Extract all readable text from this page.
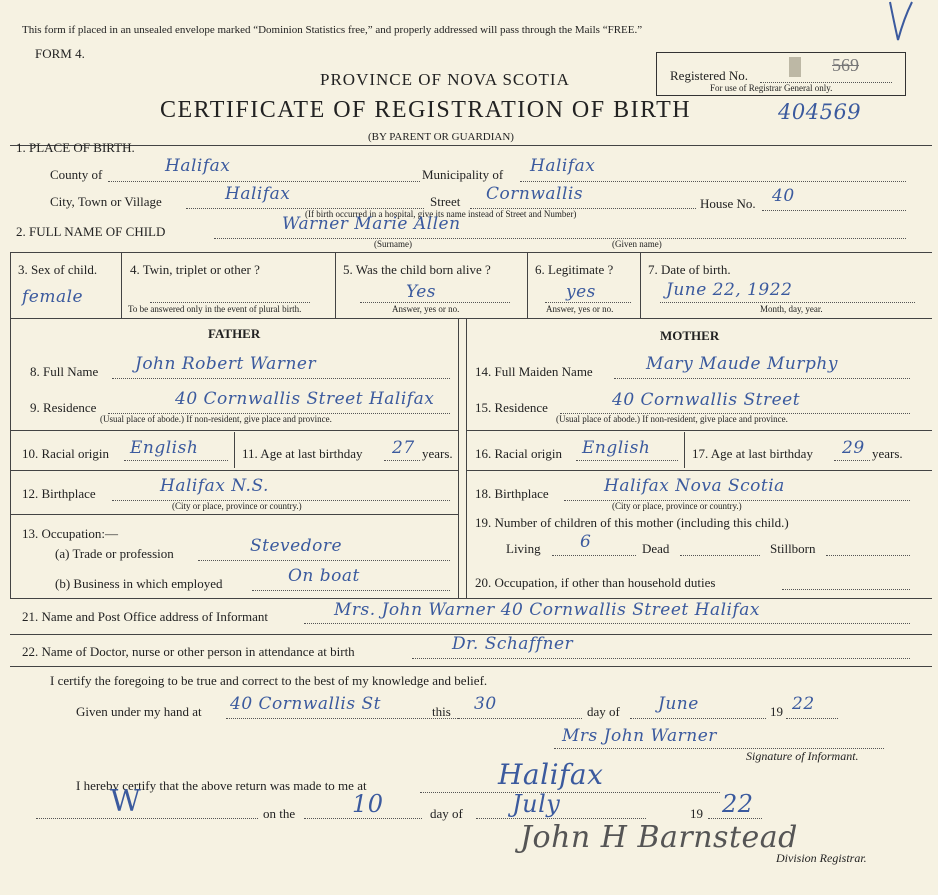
This form if placed in an unsealed envelope marked “Dominion Statistics free,” and properly addressed will pass through the Mails “FREE.”
FORM 4.
PROVINCE OF NOVA SCOTIA
CERTIFICATE OF REGISTRATION OF BIRTH	404569
(BY PARENT OR GUARDIAN)
Registered No.
569
For use of Registrar General only.
1. PLACE OF BIRTH.
County of	Halifax	Municipality of Halifax
City, Town or Village	Halifax	Street Cornwallis	House No. 40
(If birth occurred in a hospital, give its name instead of Street and Number)
2. FULL NAME OF CHILD	Warner Marie Allen
(Surname)	(Given name)
3. Sex of child.
female
4. Twin, triplet or other ?
To be answered only in the event of plural birth.
5. Was the child born alive ?
Yes
Answer, yes or no.
6. Legitimate ?
yes
Answer, yes or no.
7. Date of birth.
June 22, 1922
Month, day, year.
FATHER	MOTHER
8. Full Name John Robert Warner
9. Residence	40 Cornwallis Street Halifax
(Usual place of abode.) If non-resident, give place and province.
10. Racial origin English	11. Age at last birthday 27 years.
12. Birthplace	Halifax N.S.
(City or place, province or country.)
13. Occupation:—
(a) Trade or profession	Stevedore
(b) Business in which employed	On boat
14. Full Maiden Name	Mary Maude Murphy
15. Residence	40 Cornwallis Street
(Usual place of abode.) If non-resident, give place and province.
16. Racial origin English	17. Age at last birthday 29 years.
18. Birthplace	Halifax Nova Scotia
(City or place, province or country.)
19. Number of children of this mother (including this child.)
Living 6	Dead	Stillborn
20. Occupation, if other than household duties
21. Name and Post Office address of Informant	Mrs. John Warner 40 Cornwallis Street Halifax
22. Name of Doctor, nurse or other person in attendance at birth	Dr. Schaffner
I certify the foregoing to be true and correct to the best of my knowledge and belief.
Given under my hand at 40 Cornwallis St	this 30	day of June	19 22
Mrs John Warner
Signature of Informant.
I hereby certify that the above return was made to me at	Halifax
W	on the 10	day of July	19 22
John H Barnstead
Division Registrar.
